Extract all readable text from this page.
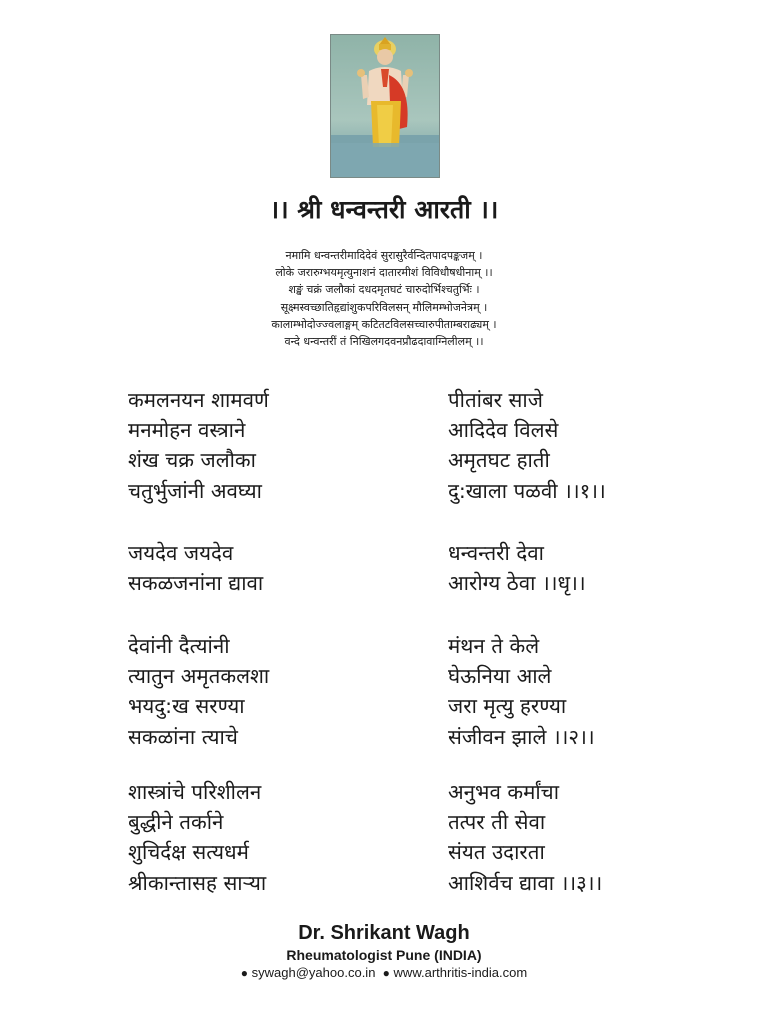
।। श्री धन्वन्तरी आरती ।।
नमामि धन्वन्तरीमादिदेवं सुरासुरैर्वन्दितपादपङ्कजम् ।
लोके जरारुग्भयमृत्युनाशनं दातारमीशं विविधौषधीनाम् ।।
शङ्खं चक्रं जलौकां दधदमृतघटं चारुदोर्भिश्चतुर्भिः ।
सूक्ष्मस्वच्छातिहृद्यांशुकपरिविलसन् मौलिमम्भोजनेत्रम् ।
कालाम्भोदोज्ज्वलाङ्गम् कटितटविलसच्चारुपीताम्बराढ्यम् ।
वन्दे धन्वन्तरीं तं निखिलगदवनप्रौढदावाग्निलीलम् ।।
कमलनयन शामवर्ण	पीतांबर साजे
मनमोहन वस्त्राने	आदिदेव विलसे
शंख चक्र जलौका	अमृतघट हाती
चतुर्भुजांनी अवघ्या	दु:खाला पळवी ।।१।।
जयदेव जयदेव	धन्वन्तरी देवा
सकळजनांना द्यावा	आरोग्य ठेवा ।।धृ।।
देवांनी दैत्यांनी	मंथन ते केले
त्यातुन अमृतकलशा	घेऊनिया आले
भयदु:ख सरण्या	जरा मृत्यु हरण्या
सकळांना त्याचे	संजीवन झाले ।।२।।
शास्त्रांचे परिशीलन	अनुभव कर्मांचा
बुद्धीने तर्काने	तत्पर ती सेवा
शुचिर्दक्ष सत्यधर्म	संयत उदारता
श्रीकान्तासह साऱ्या	आशिर्वच द्यावा ।।३।।
Dr. Shrikant Wagh
Rheumatologist Pune (INDIA)
● sywagh@yahoo.co.in ● www.arthritis-india.com
